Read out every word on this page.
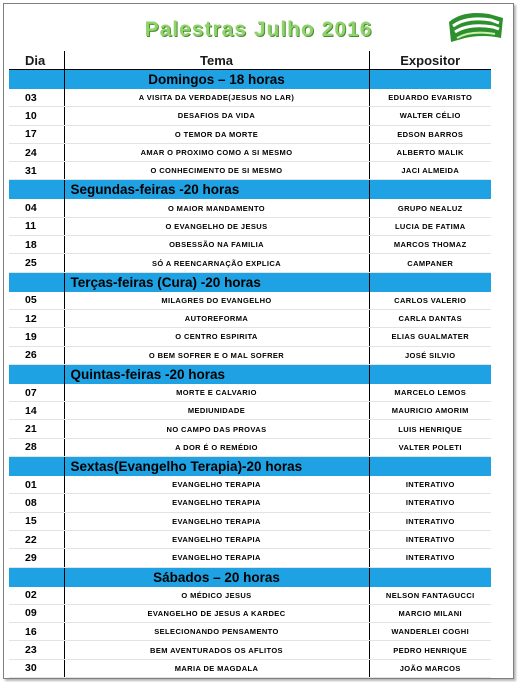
Palestras Julho 2016
Dia	Tema	Expositor
	Domingos – 18 horas	
03	A VISITA DA VERDADE(JESUS NO LAR)	EDUARDO EVARISTO
10	DESAFIOS DA VIDA	WALTER CÉLIO
17	O TEMOR DA MORTE	EDSON BARROS
24	AMAR O PROXIMO COMO A SI MESMO	ALBERTO MALIK
31	O CONHECIMENTO DE SI MESMO	JACI ALMEIDA
	Segundas-feiras -20 horas	
04	O MAIOR MANDAMENTO	GRUPO NEALUZ
11	O EVANGELHO DE JESUS	LUCIA DE FATIMA
18	OBSESSÃO NA FAMILIA	MARCOS THOMAZ
25	SÓ A REENCARNAÇÃO EXPLICA	CAMPANER
	Terças-feiras (Cura) -20 horas	
05	MILAGRES DO EVANGELHO	CARLOS VALERIO
12	AUTOREFORMA	CARLA DANTAS
19	O CENTRO ESPIRITA	ELIAS GUALMATER
26	O BEM SOFRER E O MAL SOFRER	JOSÉ SILVIO
	Quintas-feiras -20 horas	
07	MORTE E CALVARIO	MARCELO LEMOS
14	MEDIUNIDADE	MAURICIO AMORIM
21	NO CAMPO DAS PROVAS	LUIS HENRIQUE
28	A DOR É O REMÉDIO	VALTER POLETI
	Sextas(Evangelho Terapia)-20 horas	
01	EVANGELHO TERAPIA	INTERATIVO
08	EVANGELHO TERAPIA	INTERATIVO
15	EVANGELHO TERAPIA	INTERATIVO
22	EVANGELHO TERAPIA	INTERATIVO
29	EVANGELHO TERAPIA	INTERATIVO
	Sábados – 20 horas	
02	O MÉDICO JESUS	NELSON FANTAGUCCI
09	EVANGELHO DE JESUS A KARDEC	MARCIO MILANI
16	SELECIONANDO PENSAMENTO	WANDERLEI COGHI
23	BEM AVENTURADOS OS AFLITOS	PEDRO HENRIQUE
30	MARIA DE MAGDALA	JOÃO MARCOS
